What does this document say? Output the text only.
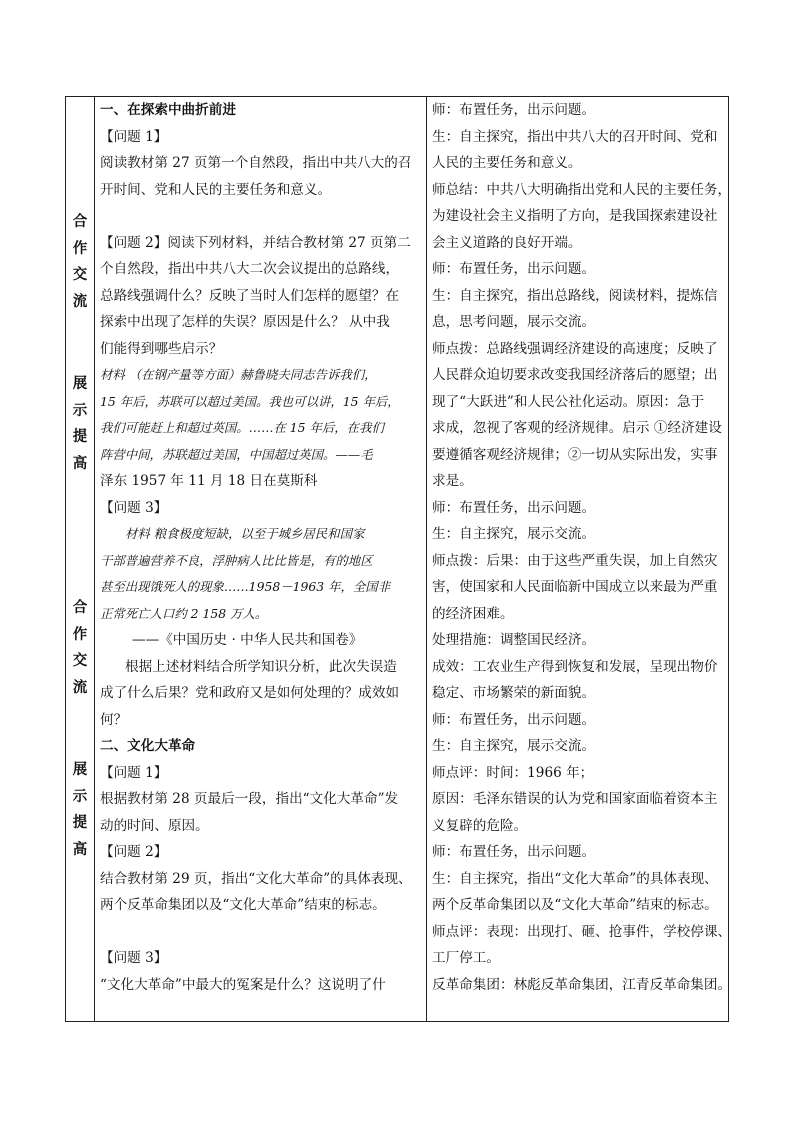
合
作
交
流
展
示
提
高
合
作
交
流
展
示
提
高
一、在探索中曲折前进
【问题 1】
阅读教材第 27 页第一个自然段，指出中共八大的召
开时间、党和人民的主要任务和意义。
【问题 2】阅读下列材料，并结合教材第 27 页第二
个自然段，指出中共八大二次会议提出的总路线，
总路线强调什么？反映了当时人们怎样的愿望？在
探索中出现了怎样的失误？原因是什么？ 从中我
们能得到哪些启示？
材料 （在钢产量等方面）赫鲁晓夫同志告诉我们，
15 年后，苏联可以超过美国。我也可以讲，15 年后，
我们可能赶上和超过英国。……在 15 年后，在我们
阵营中间，苏联超过美国，中国超过英国。——毛
泽东 1957 年 11 月 18 日在莫斯科
【问题 3】
材料 粮食极度短缺，以至于城乡居民和国家
干部普遍营养不良，浮肿病人比比皆是，有的地区
甚至出现饿死人的现象……1958－1963 年，全国非
正常死亡人口约 2 158 万人。
——《中国历史 · 中华人民共和国卷》
根据上述材料结合所学知识分析，此次失误造
成了什么后果？党和政府又是如何处理的？成效如
何？
二、文化大革命
【问题 1】
根据教材第 28 页最后一段，指出“文化大革命”发
动的时间、原因。
【问题 2】
结合教材第 29 页，指出“文化大革命”的具体表现、
两个反革命集团以及“文化大革命”结束的标志。
【问题 3】
“文化大革命”中最大的冤案是什么？这说明了什
师：布置任务，出示问题。
生：自主探究，指出中共八大的召开时间、党和
人民的主要任务和意义。
师总结：中共八大明确指出党和人民的主要任务，
为建设社会主义指明了方向，是我国探索建设社
会主义道路的良好开端。
师：布置任务，出示问题。
生：自主探究，指出总路线，阅读材料，提炼信
息，思考问题，展示交流。
师点拨：总路线强调经济建设的高速度；反映了
人民群众迫切要求改变我国经济落后的愿望；出
现了“大跃进”和人民公社化运动。原因：急于
求成，忽视了客观的经济规律。启示 ①经济建设
要遵循客观经济规律；②一切从实际出发，实事
求是。
师：布置任务，出示问题。
生：自主探究，展示交流。
师点拨：后果：由于这些严重失误，加上自然灾
害，使国家和人民面临新中国成立以来最为严重
的经济困难。
处理措施：调整国民经济。
成效：工农业生产得到恢复和发展，呈现出物价
稳定、市场繁荣的新面貌。
师：布置任务，出示问题。
生：自主探究，展示交流。
师点评：时间：1966 年；
原因：毛泽东错误的认为党和国家面临着资本主
义复辟的危险。
师：布置任务，出示问题。
生：自主探究，指出“文化大革命”的具体表现、
两个反革命集团以及“文化大革命”结束的标志。
师点评：表现：出现打、砸、抢事件，学校停课、
工厂停工。
反革命集团：林彪反革命集团，江青反革命集团。
